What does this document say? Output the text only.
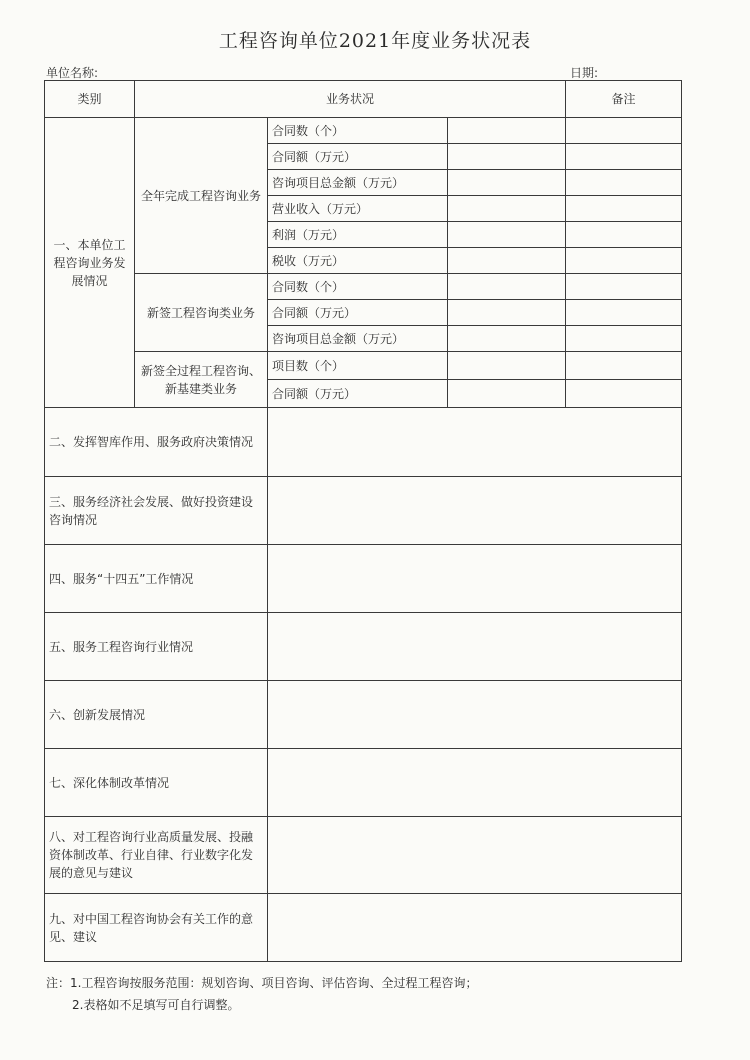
工程咨询单位2021年度业务状况表
单位名称:	日期:
类别	业务状况			备注
一、本单位工程咨询业务发展情况	全年完成工程咨询业务	合同数（个）		
		合同额（万元）		
		咨询项目总金额（万元）		
		营业收入（万元）		
		利润（万元）		
		税收（万元）		
	新签工程咨询类业务	合同数（个）		
		合同额（万元）		
		咨询项目总金额（万元）		
	新签全过程工程咨询、新基建类业务	项目数（个）		
		合同额（万元）		
二、发挥智库作用、服务政府决策情况				
三、服务经济社会发展、做好投资建设咨询情况				
四、服务“十四五”工作情况				
五、服务工程咨询行业情况				
六、创新发展情况				
七、深化体制改革情况				
八、对工程咨询行业高质量发展、投融资体制改革、行业自律、行业数字化发展的意见与建议				
九、对中国工程咨询协会有关工作的意见、建议				
注：1.工程咨询按服务范围：规划咨询、项目咨询、评估咨询、全过程工程咨询；
2.表格如不足填写可自行调整。
